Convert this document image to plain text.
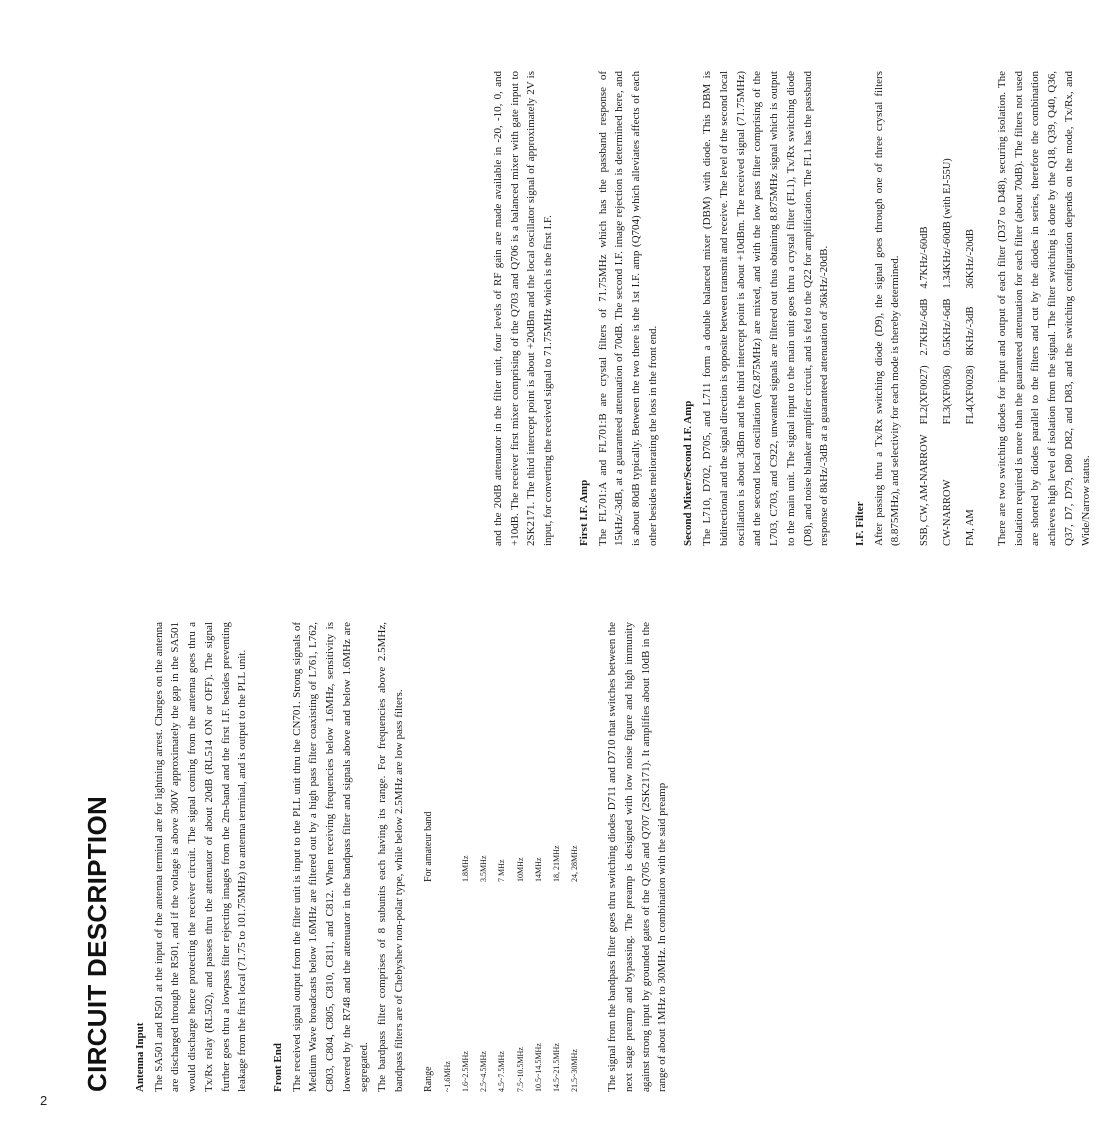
2
CIRCUIT DESCRIPTION Antenna Input The SA501 and R501 at the input of the antenna terminal are for lightning arrest. Charges on the antenna are discharged through the R501, and if the voltage is above 300V approximately the gap in the SA501 would discharge hence protecting the receiver circuit. The signal coming from the antenna goes thru a Tx/Rx relay (RL502), and passes thru the attenuator of about 20dB (RL514 ON or OFF). The signal further goes thru a lowpass filter rejecting images from the 2m-band and the first I.F. besides preventing leakage from the first local (71.75 to 101.75MHz) to antenna terminal, and is output to the PLL unit. Front End The received signal output from the filter unit is input to the PLL unit thru the CN701. Strong signals of Medium Wave broadcasts below 1.6MHz are filtered out by a high pass filter coaxisting of L761, L762, C803, C804, C805, C810, C811, and C812. When receiving frequencies below 1.6MHz, sensitivity is lowered by the R748 and the attenuator in the bandpass filter and signals above and below 1.6MHz are segregated. The bardpass filter comprises of 8 subunits each having its range. For frequencies above 2.5MHz, bandpass filters are of Chebyshev non-polar type, while below 2.5MHz are low pass filters. Range	For amateur band
~1.6MHz	
1.6~2.5MHz	1.8MHz
2.5~4.5MHz	3.5MHz
4.5~7.5MHz	7 MHz
7.5~10.5MHz	10MHz
10.5~14.5MHz	14MHz
14.5~21.5MHz	18, 21MHz
21.5~30MHz	24, 28MHz The signal from the bandpass filter goes thru switching diodes D711 and D710 that switches between the next stage preamp and bypassing. The preamp is designed with low noise figure and high immunity against strong input by grounded gates of the Q705 and Q707 (2SK2171). It amplifies about 10dB in the range of about 1MHz to 30MHz. In combination with the said preamp

and the 20dB attenuator in the filter unit, four levels of RF gain are made available in -20, -10, 0, and +10dB. The receiver first mixer comprising of the Q703 and Q706 is a balanced mixer with gate input to 2SK2171. The third intercept point is about +20dBm and the local oscillator signal of approximately 2V is input, for converting the received signal to 71.75MHz which is the first I.F. First I.F. Amp The FL701:A and FL701:B are crystal filters of 71.75MHz which has the passband response of 15kHz/-3dB, at a guaranteed attenuation of 70dB. The second I.F. image rejection is determined here, and is about 80dB typically. Between the two there is the 1st I.F. amp (Q704) which alleviates affects of each other besides meliorating the loss in the front end. Second Mixer/Second I.F. Amp The L710, D702, D705, and L711 form a double balanced mixer (DBM) with diode. This DBM is bidirectional and the signal direction is opposite between transmit and receive. The level of the second local oscillation is about 3dBm and the third intercept point is about +10dBm. The received signal (71.75MHz) and the second local oscillation (62.875MHz) are mixed, and with the low pass filter comprising of the L703, C703, and C922, unwanted signals are filtered out thus obtaining 8.875MHz signal which is output to the main unit. The signal input to the main unit goes thru a crystal filter (FL1), Tx/Rx switching diode (D8), and noise blanker amplifier circuit, and is fed to the Q22 for amplification. The FL1 has the passband response of 8kHz/-3dB at a guaranteed attenuation of 36kHz/-20dB. I.F. Filter After passing thru a Tx/Rx switching diode (D9), the signal goes through one of three crystal filters (8.875MHz), and selectivity for each mode is thereby determined. SSB, CW, AM-NARROW	FL2(XF0027)	2.7KHz/-6dB	4.7KHz/-60dB
CW-NARROW	FL3(XF0036)	0.5KHz/-6dB	1.34KHz/-60dB (with EJ-55U)
FM, AM	FL4(XF0028)	8KHz/-3dB	36KHz/-20dB There are two switching diodes for input and output of each filter (D37 to D48), securing isolation. The isolation required is more than the guaranteed attenuation for each filter (about 70dB). The filters not used are shorted by diodes parallel to the filters and cut by the diodes in series, therefore the combination achieves high level of isolation from the signal. The filter switching is done by the Q18, Q39, Q40, Q36, Q37, D7, D79, D80 D82, and D83, and the switching configuration depends on the mode, Tx/Rx, and Wide/Narrow status.
